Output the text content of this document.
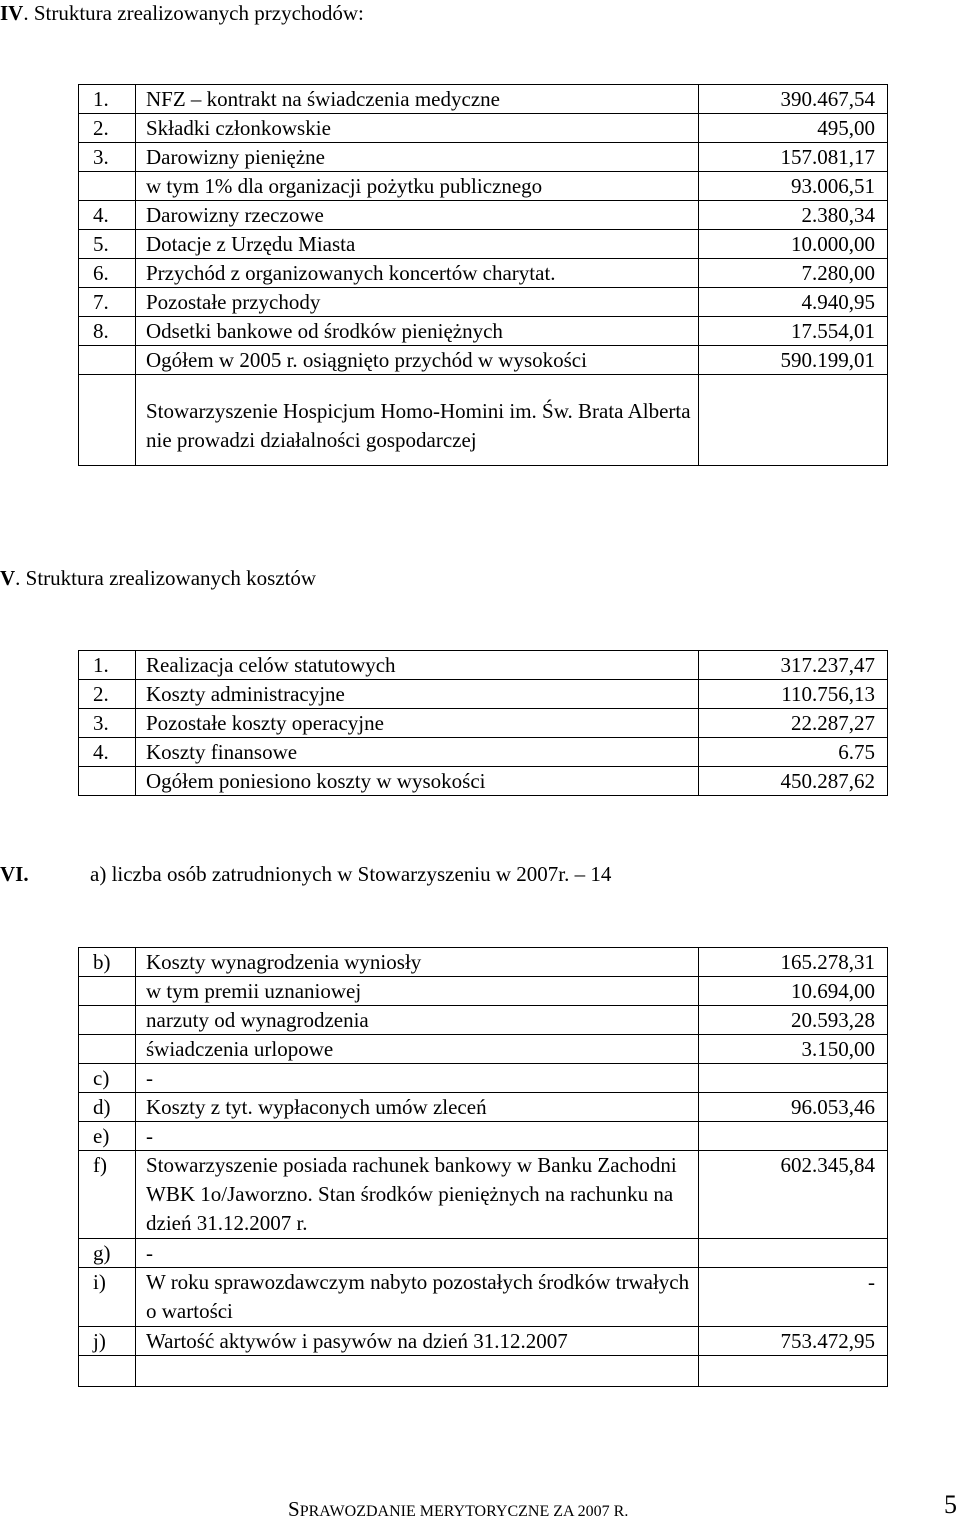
IV. Struktura zrealizowanych przychodów:
1.	NFZ – kontrakt na świadczenia medyczne	390.467,54
2.	Składki członkowskie	495,00
3.	Darowizny pieniężne	157.081,17
	w tym 1% dla organizacji pożytku publicznego	93.006,51
4.	Darowizny rzeczowe	2.380,34
5.	Dotacje z Urzędu Miasta	10.000,00
6.	Przychód z organizowanych koncertów charytat.	7.280,00
7.	Pozostałe przychody	4.940,95
8.	Odsetki bankowe od środków pieniężnych	17.554,01
	Ogółem w 2005 r. osiągnięto przychód w wysokości	590.199,01
	Stowarzyszenie Hospicjum Homo-Homini im. Św. Brata Alberta nie prowadzi działalności gospodarczej	
V. Struktura zrealizowanych kosztów
1.	Realizacja celów statutowych	317.237,47
2.	Koszty administracyjne	110.756,13
3.	Pozostałe koszty operacyjne	22.287,27
4.	Koszty finansowe	6.75
	Ogółem poniesiono koszty w wysokości	450.287,62
VI.	a) liczba osób zatrudnionych w Stowarzyszeniu w 2007r. – 14
b)	Koszty wynagrodzenia wyniosły	165.278,31
	w tym premii uznaniowej	10.694,00
	narzuty od wynagrodzenia	20.593,28
	świadczenia urlopowe	3.150,00
c)	-	
d)	Koszty z tyt. wypłaconych umów zleceń	96.053,46
e)	-	
f)	Stowarzyszenie posiada rachunek bankowy w Banku Zachodni WBK 1o/Jaworzno. Stan środków pieniężnych na rachunku na dzień 31.12.2007 r.	602.345,84
g)	-	
i)	W roku sprawozdawczym nabyto pozostałych środków trwałych o wartości	-
j)	Wartość aktywów i pasywów na dzień 31.12.2007	753.472,95

SPRAWOZDANIE MERYTORYCZNE ZA 2007 R.	5
